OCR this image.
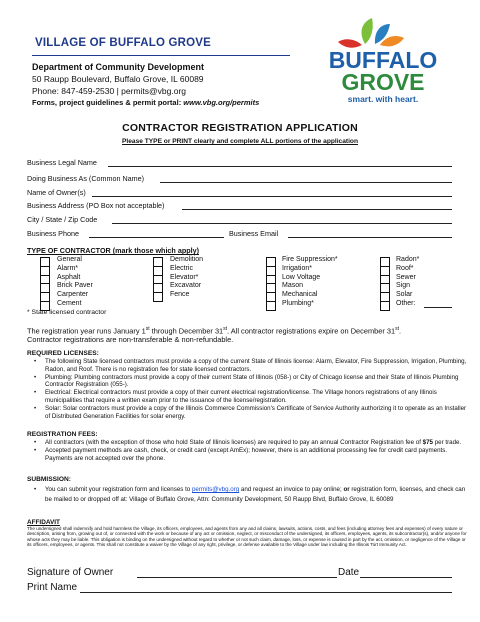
VILLAGE OF BUFFALO GROVE
Department of Community Development
50 Raupp Boulevard, Buffalo Grove, IL 60089
Phone: 847-459-2530 | permits@vbg.org
Forms, project guidelines & permit portal: www.vbg.org/permits
BUFFALO
GROVE
smart. with heart.
CONTRACTOR REGISTRATION APPLICATION
Please TYPE or PRINT clearly and complete ALL portions of the application
Business Legal Name
Doing Business As (Common Name)
Name of Owner(s)
Business Address (PO Box not acceptable)
City / State / Zip Code
Business Phone	Business Email
TYPE OF CONTRACTOR (mark those which apply)
General
Alarm*
Asphalt
Brick Paver
Carpenter
Cement
Demolition
Electric
Elevator*
Excavator
Fence
Fire Suppression*
Irrigation*
Low Voltage
Mason
Mechanical
Plumbing*
Radon*
Roof*
Sewer
Sign
Solar
Other:
* State licensed contractor
The registration year runs January 1st through December 31st. All contractor registrations expire on December 31st.
Contractor registrations are non-transferable & non-refundable.
REQUIRED LICENSES:
• The following State licensed contractors must provide a copy of the current State of Illinois license: Alarm, Elevator, Fire Suppression, Irrigation, Plumbing, Radon, and Roof. There is no registration fee for state licensed contractors.
• Plumbing: Plumbing contractors must provide a copy of their current State of Illinois (058-) or City of Chicago license and their State of Illinois Plumbing Contractor Registration (055-).
• Electrical: Electrical contractors must provide a copy of their current electrical registration/license. The Village honors registrations of any Illinois municipalities that require a written exam prior to the issuance of the license/registration.
• Solar: Solar contractors must provide a copy of the Illinois Commerce Commission's Certificate of Service Authority authorizing it to operate as an Installer of Distributed Generation Facilities for solar energy.
REGISTRATION FEES:
• All contractors (with the exception of those who hold State of Illinois licenses) are required to pay an annual Contractor Registration fee of $75 per trade.
• Accepted payment methods are cash, check, or credit card (except AmEx); however, there is an additional processing fee for credit card payments. Payments are not accepted over the phone.
SUBMISSION:
• You can submit your registration form and licenses to permits@vbg.org and request an invoice to pay online; or registration form, licenses, and check can be mailed to or dropped off at: Village of Buffalo Grove, Attn: Community Development, 50 Raupp Blvd, Buffalo Grove, IL 60089
AFFIDAVIT
The undersigned shall indemnify and hold harmless the Village, its officers, employees, and agents from any and all claims, lawsuits, actions, costs, and fees (including attorney fees and expenses) of every nature or description, arising from, growing out of, or connected with the work or because of any act or omission, neglect, or misconduct of the undersigned, its officers, employees, agents, its subcontractor(s), and/or anyone for whose acts they may be liable. This obligation is binding on the undersigned without regard to whether or not such claim, damage, loss, or expense is caused in part by the act, omission, or negligence of the Village or its officers, employees, or agents. This shall not constitute a waiver by the Village of any right, privilege, or defense available to the Village under law including the Illinois Tort Immunity Act.
Signature of Owner	Date
Print Name
